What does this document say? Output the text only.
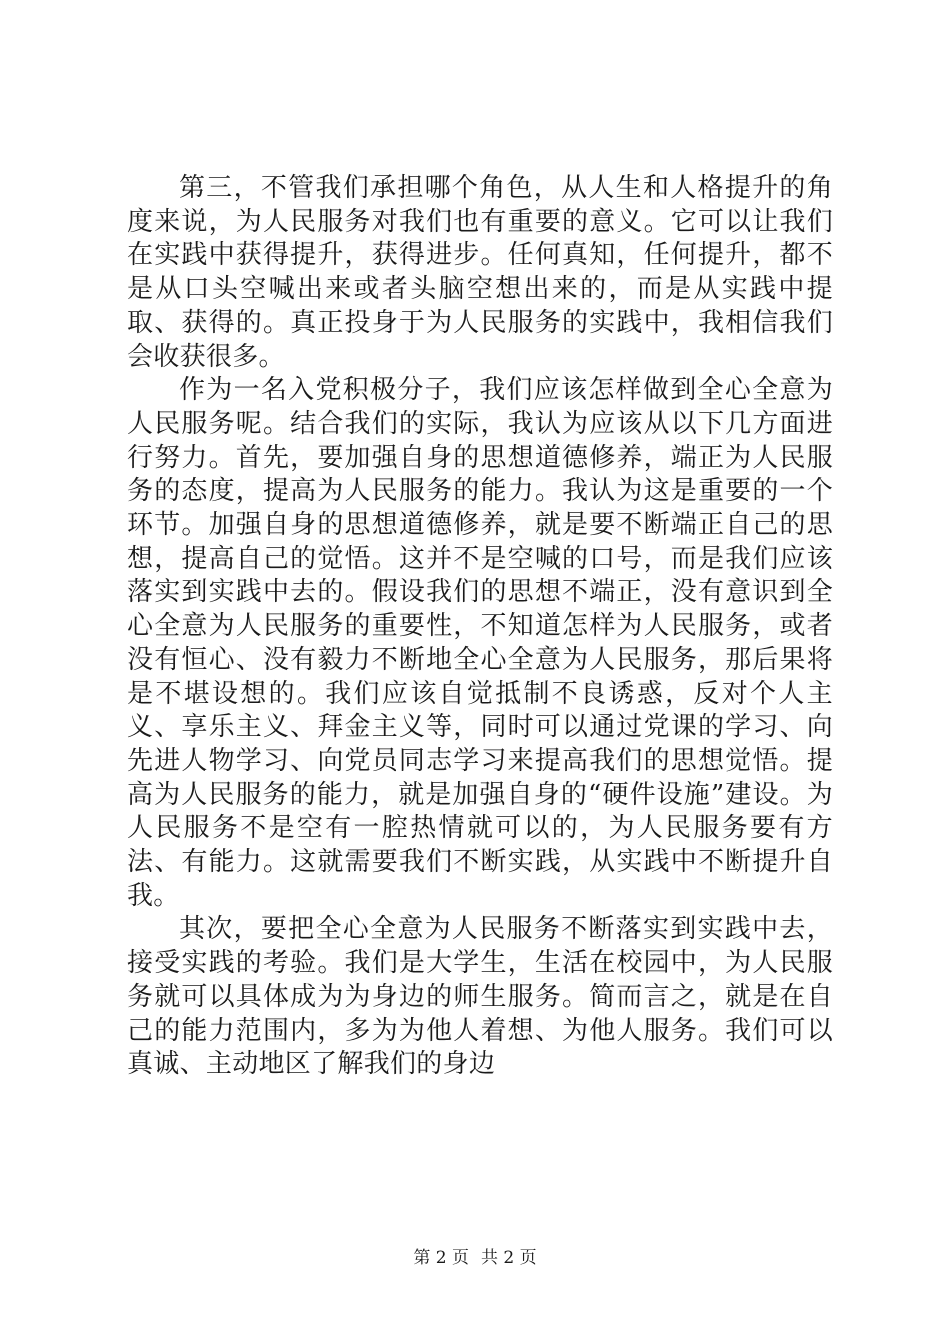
第三，不管我们承担哪个角色，从人生和人格提升的角度来说，为人民服务对我们也有重要的意义。它可以让我们在实践中获得提升，获得进步。任何真知，任何提升，都不是从口头空喊出来或者头脑空想出来的，而是从实践中提取、获得的。真正投身于为人民服务的实践中，我相信我们会收获很多。

作为一名入党积极分子，我们应该怎样做到全心全意为人民服务呢。结合我们的实际，我认为应该从以下几方面进行努力。首先，要加强自身的思想道德修养，端正为人民服务的态度，提高为人民服务的能力。我认为这是重要的一个环节。加强自身的思想道德修养，就是要不断端正自己的思想，提高自己的觉悟。这并不是空喊的口号，而是我们应该落实到实践中去的。假设我们的思想不端正，没有意识到全心全意为人民服务的重要性，不知道怎样为人民服务，或者没有恒心、没有毅力不断地全心全意为人民服务，那后果将是不堪设想的。我们应该自觉抵制不良诱惑，反对个人主义、享乐主义、拜金主义等，同时可以通过党课的学习、向先进人物学习、向党员同志学习来提高我们的思想觉悟。提高为人民服务的能力，就是加强自身的“硬件设施”建设。为人民服务不是空有一腔热情就可以的，为人民服务要有方法、有能力。这就需要我们不断实践，从实践中不断提升自我。

其次，要把全心全意为人民服务不断落实到实践中去，接受实践的考验。我们是大学生，生活在校园中，为人民服务就可以具体成为为身边的师生服务。简而言之，就是在自己的能力范围内，多为为他人着想、为他人服务。我们可以真诚、主动地区了解我们的身边

第 2 页 共 2 页
